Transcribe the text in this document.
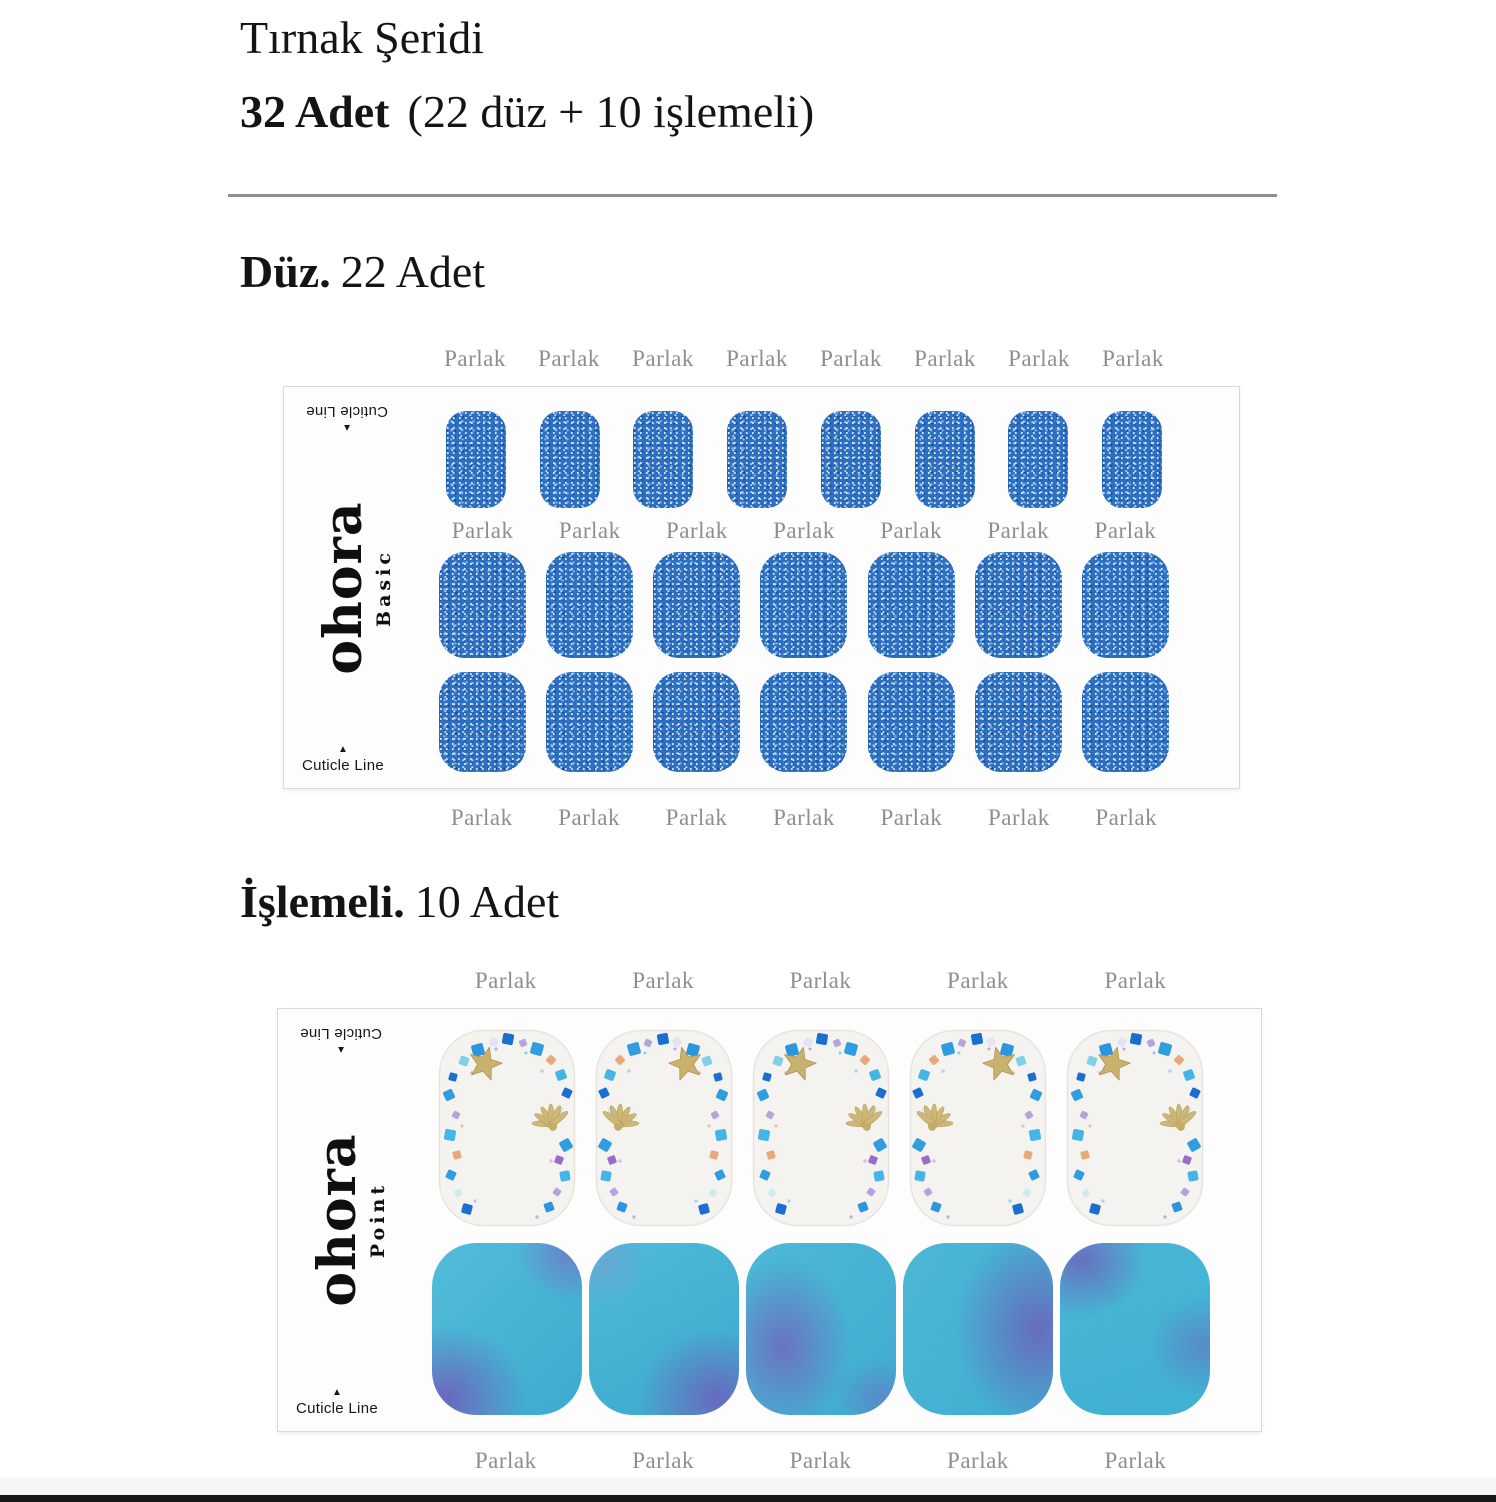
Tırnak Şeridi
32 Adet (22 düz + 10 işlemeli)
Düz. 22 Adet
Parlak	Parlak	Parlak	Parlak	Parlak	Parlak	Parlak	Parlak
▲
Cuticle Line
ohora Basic
Parlak	Parlak	Parlak	Parlak	Parlak	Parlak	Parlak
▲
Cuticle Line
Parlak	Parlak	Parlak	Parlak	Parlak	Parlak	Parlak
İşlemeli. 10 Adet
Parlak	Parlak	Parlak	Parlak	Parlak
▲
Cuticle Line
ohora Point
▲
Cuticle Line
Parlak	Parlak	Parlak	Parlak	Parlak
